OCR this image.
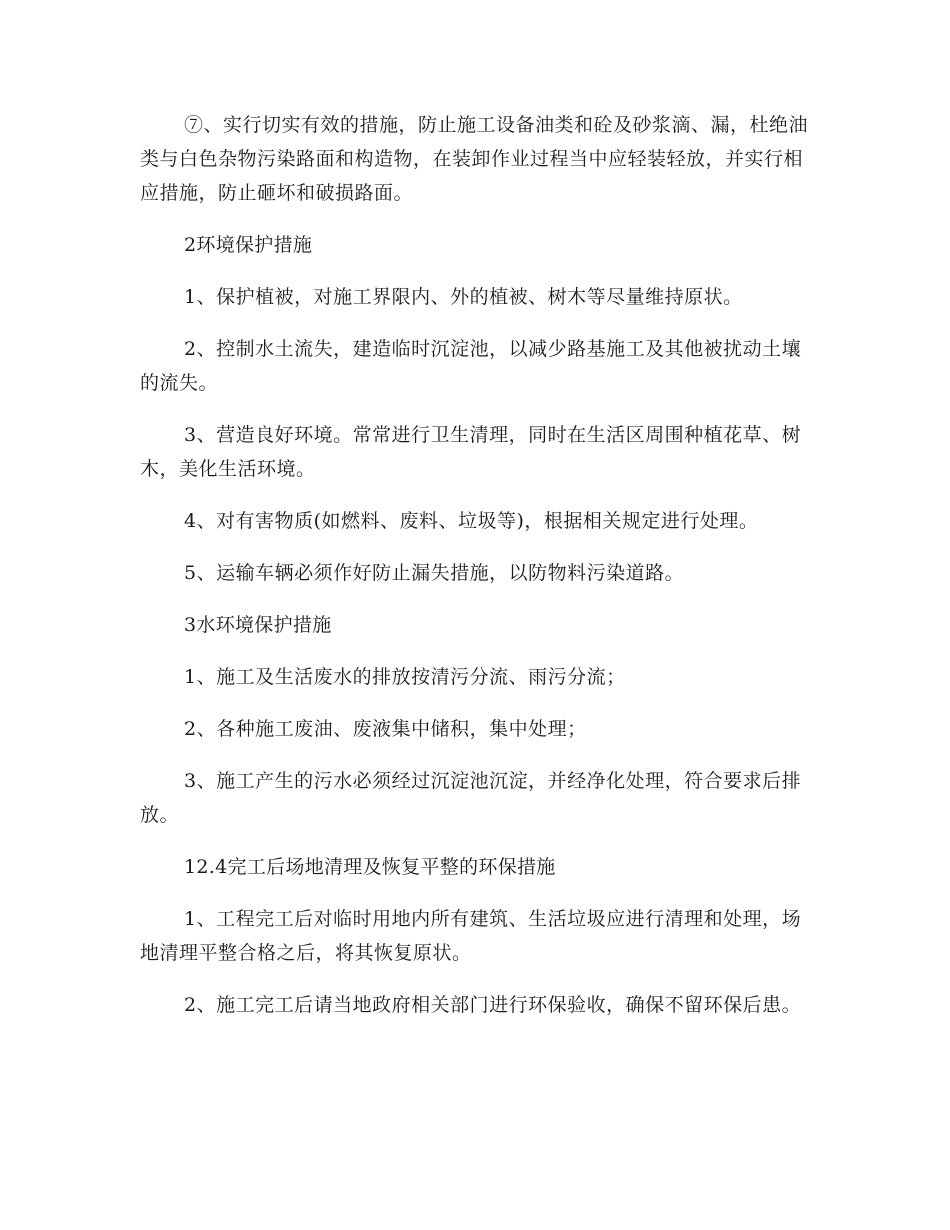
⑦、实行切实有效的措施，防止施工设备油类和砼及砂浆滴、漏，杜绝油类与白色杂物污染路面和构造物，在装卸作业过程当中应轻装轻放，并实行相应措施，防止砸坏和破损路面。

2环境保护措施

1、保护植被，对施工界限内、外的植被、树木等尽量维持原状。

2、控制水土流失，建造临时沉淀池，以减少路基施工及其他被扰动土壤的流失。

3、营造良好环境。常常进行卫生清理，同时在生活区周围种植花草、树木，美化生活环境。

4、对有害物质(如燃料、废料、垃圾等)，根据相关规定进行处理。

5、运输车辆必须作好防止漏失措施，以防物料污染道路。

3水环境保护措施

1、施工及生活废水的排放按清污分流、雨污分流；

2、各种施工废油、废液集中储积，集中处理；

3、施工产生的污水必须经过沉淀池沉淀，并经净化处理，符合要求后排放。

12.4完工后场地清理及恢复平整的环保措施

1、工程完工后对临时用地内所有建筑、生活垃圾应进行清理和处理，场地清理平整合格之后，将其恢复原状。

2、施工完工后请当地政府相关部门进行环保验收，确保不留环保后患。
